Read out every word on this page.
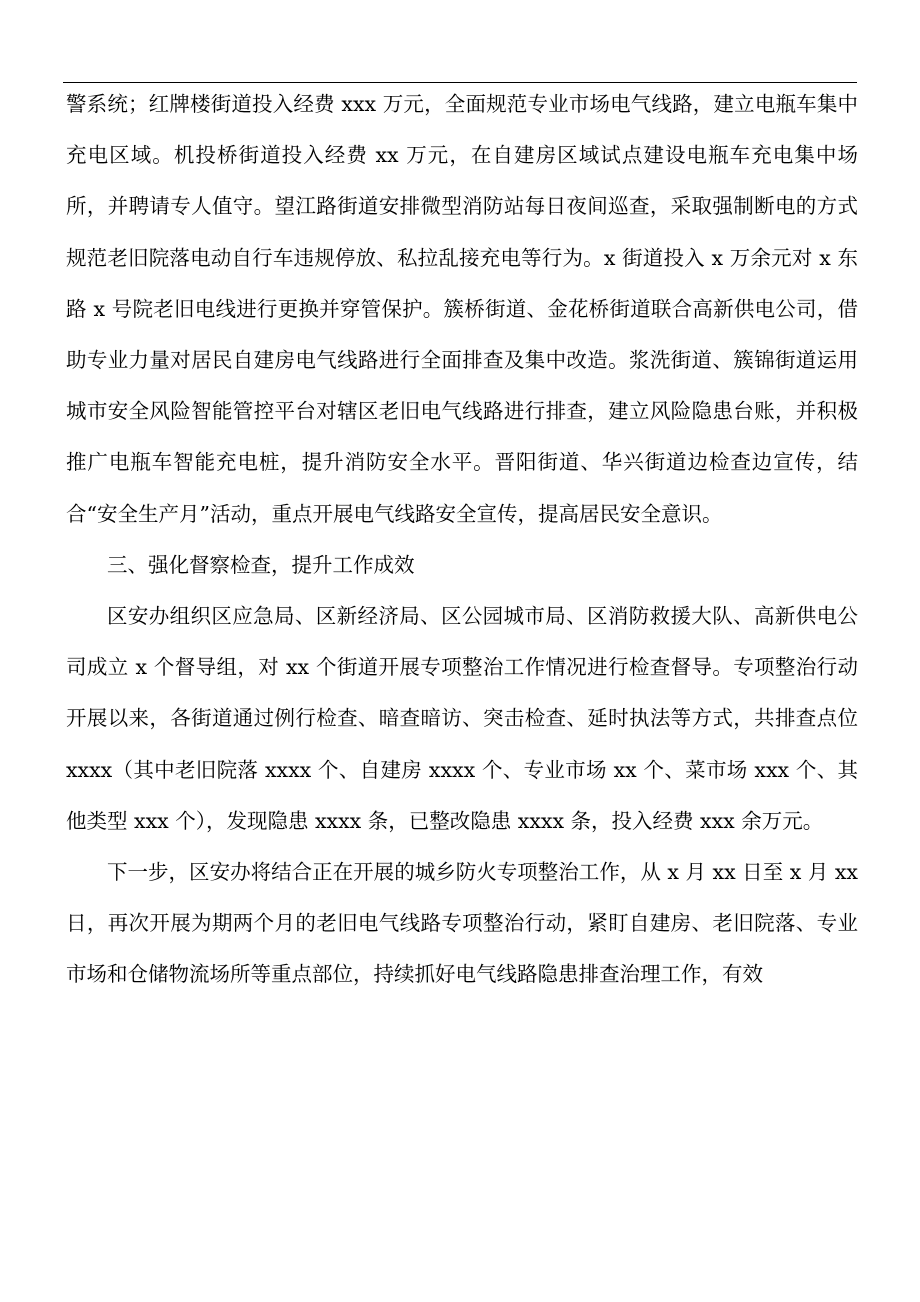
警系统；红牌楼街道投入经费 xxx 万元，全面规范专业市场电气线路，建立电瓶车集中充电区域。机投桥街道投入经费 xx 万元，在自建房区域试点建设电瓶车充电集中场所，并聘请专人值守。望江路街道安排微型消防站每日夜间巡查，采取强制断电的方式规范老旧院落电动自行车违规停放、私拉乱接充电等行为。x 街道投入 x 万余元对 x 东路 x 号院老旧电线进行更换并穿管保护。簇桥街道、金花桥街道联合高新供电公司，借助专业力量对居民自建房电气线路进行全面排查及集中改造。浆洗街道、簇锦街道运用城市安全风险智能管控平台对辖区老旧电气线路进行排查，建立风险隐患台账，并积极推广电瓶车智能充电桩，提升消防安全水平。晋阳街道、华兴街道边检查边宣传，结合“安全生产月”活动，重点开展电气线路安全宣传，提高居民安全意识。

三、强化督察检查，提升工作成效

区安办组织区应急局、区新经济局、区公园城市局、区消防救援大队、高新供电公司成立 x 个督导组，对 xx 个街道开展专项整治工作情况进行检查督导。专项整治行动开展以来，各街道通过例行检查、暗查暗访、突击检查、延时执法等方式，共排查点位 xxxx（其中老旧院落 xxxx 个、自建房 xxxx 个、专业市场 xx 个、菜市场 xxx 个、其他类型 xxx 个），发现隐患 xxxx 条，已整改隐患 xxxx 条，投入经费 xxx 余万元。

下一步，区安办将结合正在开展的城乡防火专项整治工作，从 x 月 xx 日至 x 月 xx 日，再次开展为期两个月的老旧电气线路专项整治行动，紧盯自建房、老旧院落、专业市场和仓储物流场所等重点部位，持续抓好电气线路隐患排查治理工作，有效
